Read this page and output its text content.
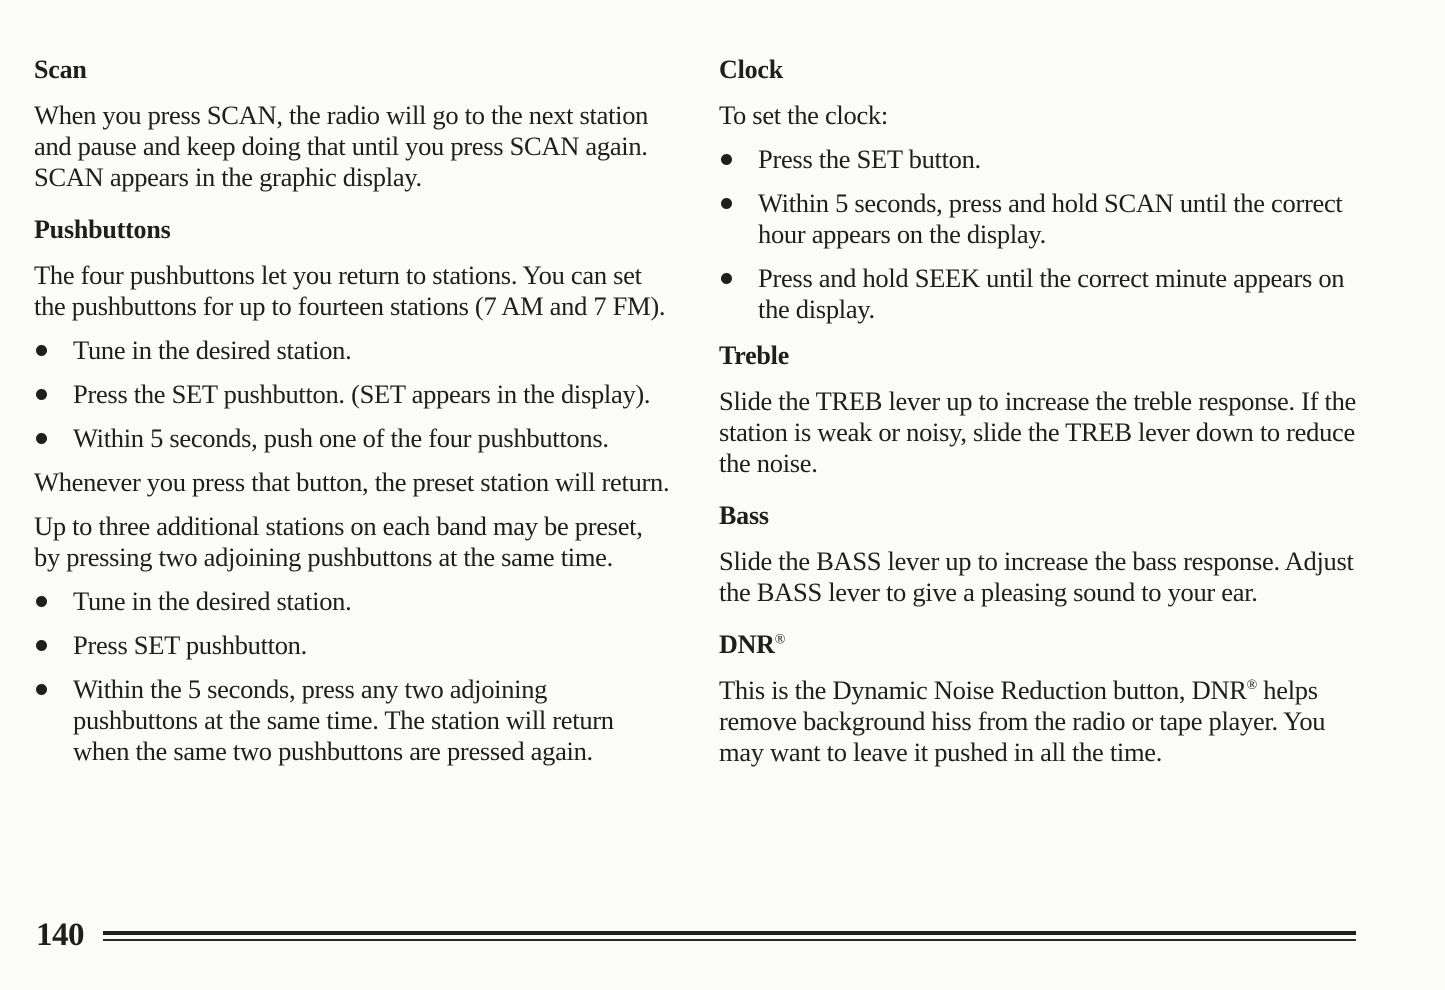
Scan

When you press SCAN, the radio will go to the next station and pause and keep doing that until you press SCAN again. SCAN appears in the graphic display.

Pushbuttons

The four pushbuttons let you return to stations. You can set the pushbuttons for up to fourteen stations (7 AM and 7 FM).

Tune in the desired station.
Press the SET pushbutton. (SET appears in the display).
Within 5 seconds, push one of the four pushbuttons.

Whenever you press that button, the preset station will return.

Up to three additional stations on each band may be preset, by pressing two adjoining pushbuttons at the same time.

Tune in the desired station.
Press SET pushbutton.
Within the 5 seconds, press any two adjoining pushbuttons at the same time. The station will return when the same two pushbuttons are pressed again.
Clock

To set the clock:

Press the SET button.
Within 5 seconds, press and hold SCAN until the correct hour appears on the display.
Press and hold SEEK until the correct minute appears on the display.
Treble

Slide the TREB lever up to increase the treble response. If the station is weak or noisy, slide the TREB lever down to reduce the noise.

Bass

Slide the BASS lever up to increase the bass response. Adjust the BASS lever to give a pleasing sound to your ear.

DNR®

This is the Dynamic Noise Reduction button, DNR® helps remove background hiss from the radio or tape player. You may want to leave it pushed in all the time.

140
